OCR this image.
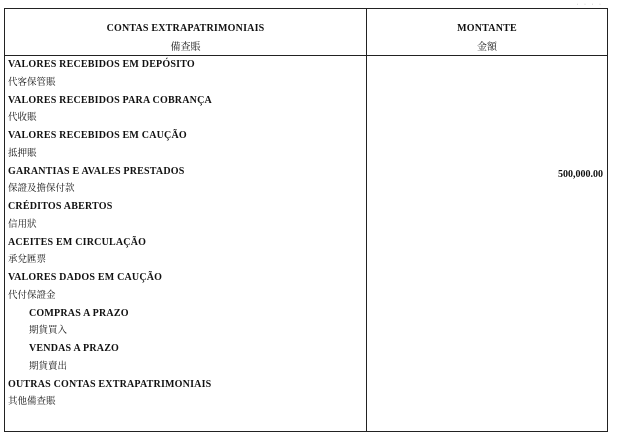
· · · ·
CONTAS EXTRAPATRIMONIAIS
備查賬
MONTANTE
金額
VALORES RECEBIDOS EM DEPÓSITO
代客保管賬
VALORES RECEBIDOS PARA COBRANÇA
代收賬
VALORES RECEBIDOS EM CAUÇÃO
抵押賬
GARANTIAS E AVALES PRESTADOS
保證及擔保付款
CRÉDITOS ABERTOS
信用狀
ACEITES EM CIRCULAÇÃO
承兌匯票
VALORES DADOS EM CAUÇÃO
代付保證金
COMPRAS A PRAZO
期貨買入
VENDAS A PRAZO
期貨賣出
OUTRAS CONTAS EXTRAPATRIMONIAIS
其他備查賬
500,000.00
